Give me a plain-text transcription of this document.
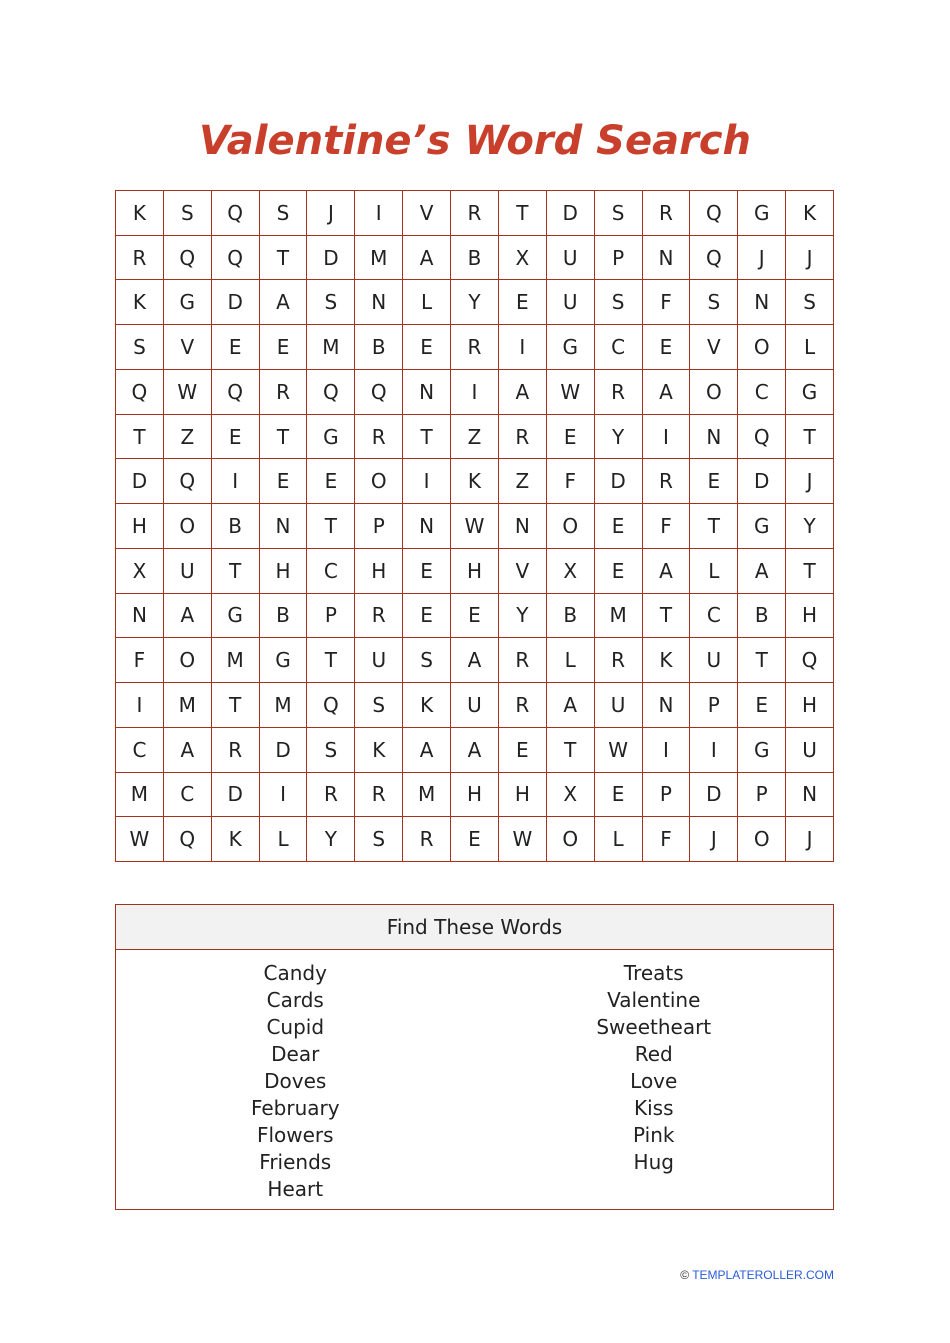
Valentine’s Word Search
K	S	Q	S	J	I	V	R	T	D	S	R	Q	G	K
R	Q	Q	T	D	M	A	B	X	U	P	N	Q	J	J
K	G	D	A	S	N	L	Y	E	U	S	F	S	N	S
S	V	E	E	M	B	E	R	I	G	C	E	V	O	L
Q	W	Q	R	Q	Q	N	I	A	W	R	A	O	C	G
T	Z	E	T	G	R	T	Z	R	E	Y	I	N	Q	T
D	Q	I	E	E	O	I	K	Z	F	D	R	E	D	J
H	O	B	N	T	P	N	W	N	O	E	F	T	G	Y
X	U	T	H	C	H	E	H	V	X	E	A	L	A	T
N	A	G	B	P	R	E	E	Y	B	M	T	C	B	H
F	O	M	G	T	U	S	A	R	L	R	K	U	T	Q
I	M	T	M	Q	S	K	U	R	A	U	N	P	E	H
C	A	R	D	S	K	A	A	E	T	W	I	I	G	U
M	C	D	I	R	R	M	H	H	X	E	P	D	P	N
W	Q	K	L	Y	S	R	E	W	O	L	F	J	O	J
Find These Words
Candy
Cards
Cupid
Dear
Doves
February
Flowers
Friends
Heart
Treats
Valentine
Sweetheart
Red
Love
Kiss
Pink
Hug
© TEMPLATEROLLER.COM
